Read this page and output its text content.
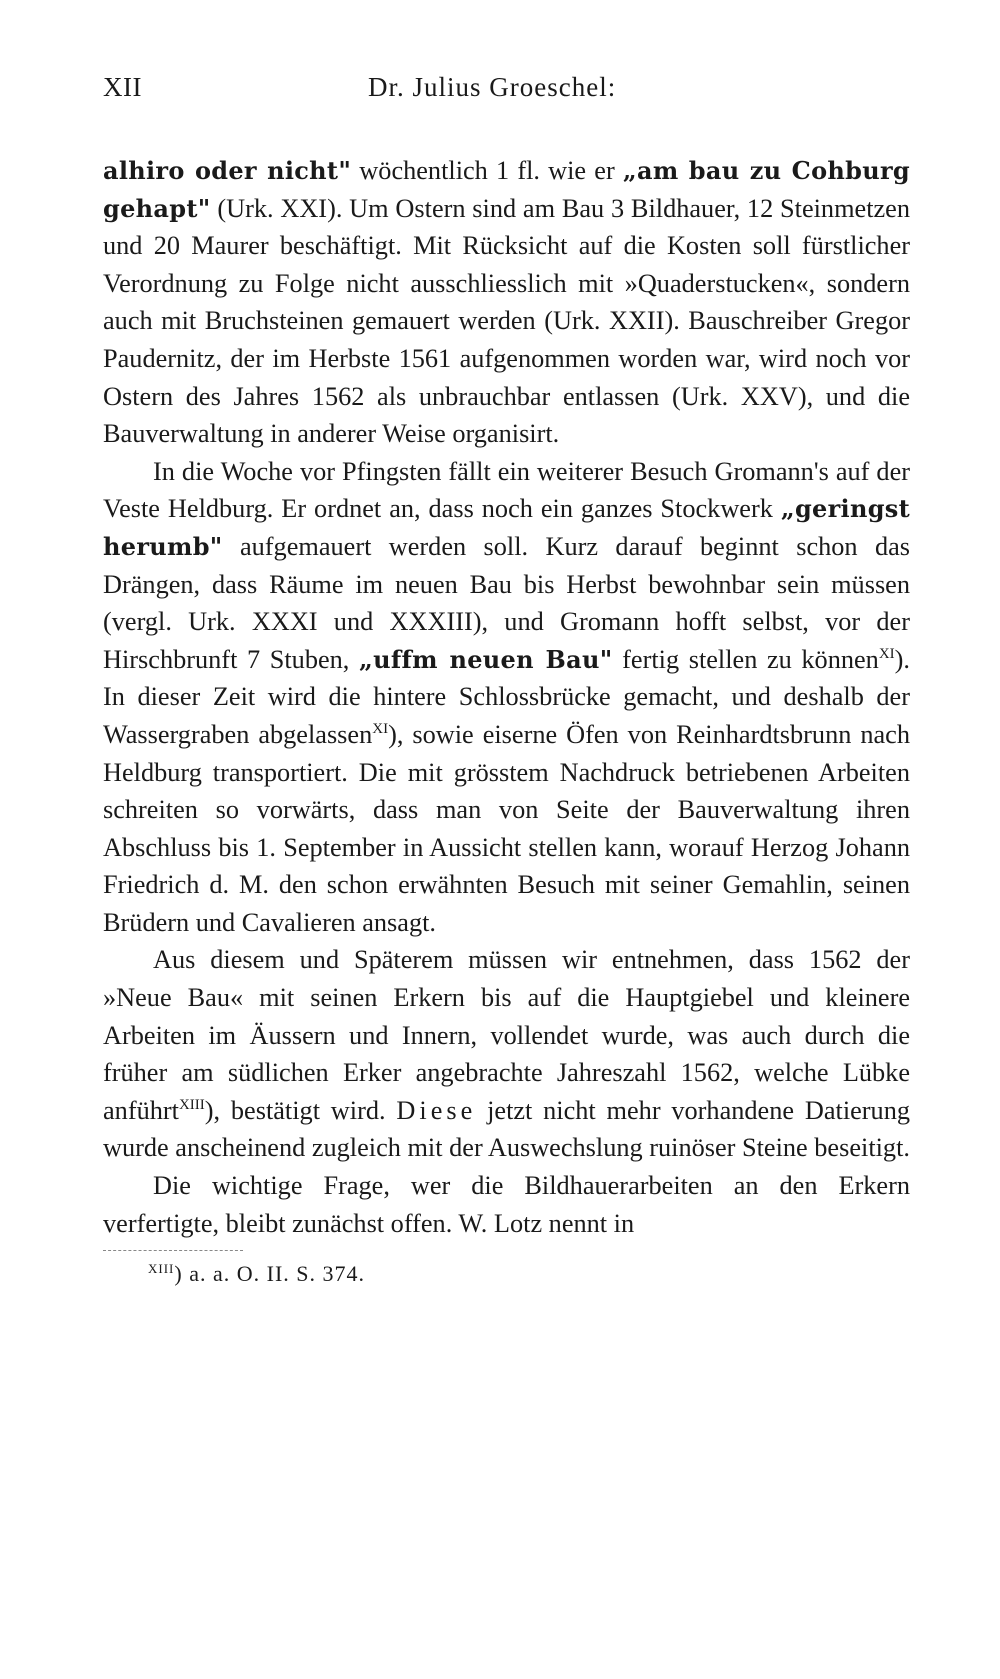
XII	Dr. Julius Groeschel:

alhiro oder nicht" wöchentlich 1 fl. wie er „am bau zu Cohburg gehapt" (Urk. XXI). Um Ostern sind am Bau 3 Bildhauer, 12 Steinmetzen und 20 Maurer beschäftigt. Mit Rücksicht auf die Kosten soll fürstlicher Verordnung zu Folge nicht ausschliesslich mit »Quaderstucken«, sondern auch mit Bruchsteinen gemauert werden (Urk. XXII). Bauschreiber Gregor Paudernitz, der im Herbste 1561 aufgenommen worden war, wird noch vor Ostern des Jahres 1562 als unbrauchbar entlassen (Urk. XXV), und die Bauverwaltung in anderer Weise organisirt.

In die Woche vor Pfingsten fällt ein weiterer Besuch Gromann's auf der Veste Heldburg. Er ordnet an, dass noch ein ganzes Stockwerk „geringst herumb" aufgemauert werden soll. Kurz darauf beginnt schon das Drängen, dass Räume im neuen Bau bis Herbst bewohnbar sein müssen (vergl. Urk. XXXI und XXXIII), und Gromann hofft selbst, vor der Hirschbrunft 7 Stuben, „uffm neuen Bau" fertig stellen zu können$^{XI}$). In dieser Zeit wird die hintere Schlossbrücke gemacht, und deshalb der Wassergraben abgelassen$^{XI}$), sowie eiserne Öfen von Reinhardtsbrunn nach Heldburg transportiert. Die mit grösstem Nachdruck betriebenen Arbeiten schreiten so vorwärts, dass man von Seite der Bauverwaltung ihren Abschluss bis 1. September in Aussicht stellen kann, worauf Herzog Johann Friedrich d. M. den schon erwähnten Besuch mit seiner Gemahlin, seinen Brüdern und Cavalieren ansagt.

Aus diesem und Späterem müssen wir entnehmen, dass 1562 der »Neue Bau« mit seinen Erkern bis auf die Hauptgiebel und kleinere Arbeiten im Äussern und Innern, vollendet wurde, was auch durch die früher am südlichen Erker angebrachte Jahreszahl 1562, welche Lübke anführt$^{XIII}$), bestätigt wird. Diese jetzt nicht mehr vorhandene Datierung wurde anscheinend zugleich mit der Auswechslung ruinöser Steine beseitigt.

Die wichtige Frage, wer die Bildhauerarbeiten an den Erkern verfertigte, bleibt zunächst offen. W. Lotz nennt in

$^{XIII}$) a. a. O. II. S. 374.
